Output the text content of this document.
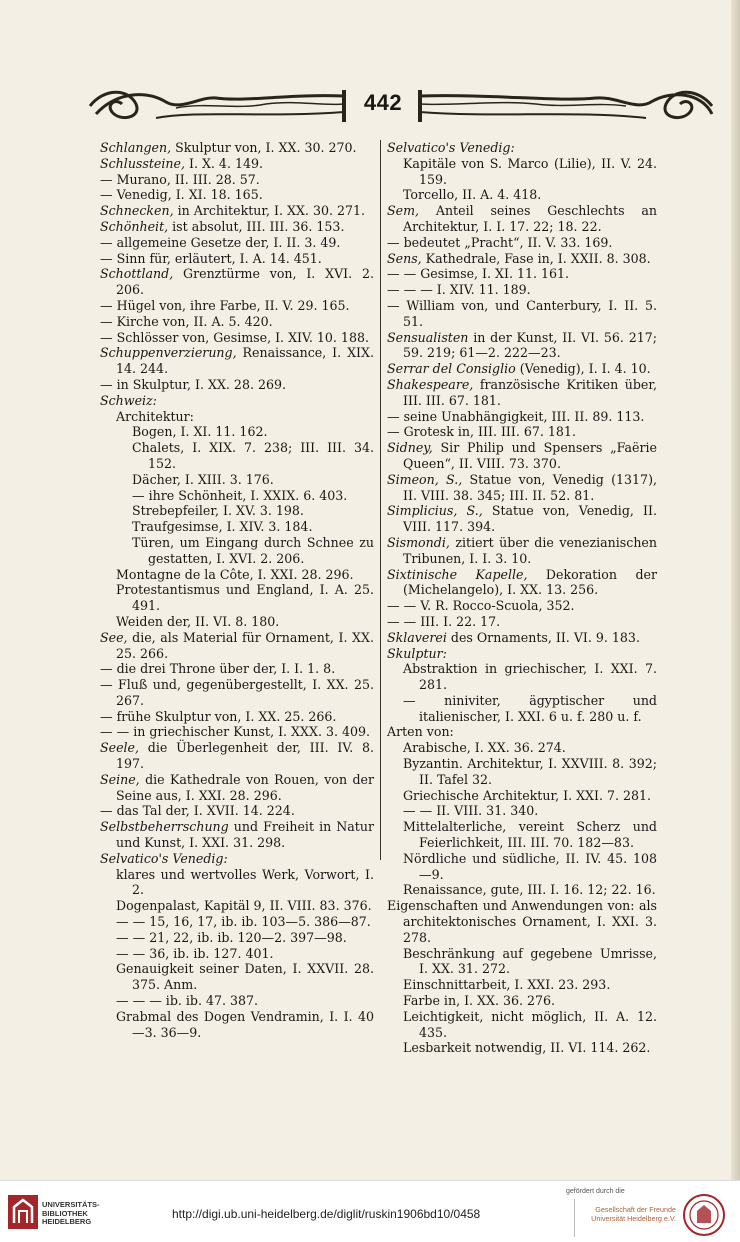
442
Schlangen, Skulptur von, I. XX. 30. 270.
Schlussteine, I. X. 4. 149.
— Murano, II. III. 28. 57.
— Venedig, I. XI. 18. 165.
Schnecken, in Architektur, I. XX. 30. 271.
Schönheit, ist absolut, III. III. 36. 153.
— allgemeine Gesetze der, I. II. 3. 49.
— Sinn für, erläutert, I. A. 14. 451.
Schottland, Grenztürme von, I. XVI. 2. 206.
— Hügel von, ihre Farbe, II. V. 29. 165.
— Kirche von, II. A. 5. 420.
— Schlösser von, Gesimse, I. XIV. 10. 188.
Schuppenverzierung, Renaissance, I. XIX. 14. 244.
— in Skulptur, I. XX. 28. 269.
Schweiz:
Architektur:
Bogen, I. XI. 11. 162.
Chalets, I. XIX. 7. 238; III. III. 34. 152.
Dächer, I. XIII. 3. 176.
— ihre Schönheit, I. XXIX. 6. 403.
Strebepfeiler, I. XV. 3. 198.
Traufgesimse, I. XIV. 3. 184.
Türen, um Eingang durch Schnee zu gestatten, I. XVI. 2. 206.
Montagne de la Côte, I. XXI. 28. 296.
Protestantismus und England, I. A. 25. 491.
Weiden der, II. VI. 8. 180.
See, die, als Material für Ornament, I. XX. 25. 266.
— die drei Throne über der, I. I. 1. 8.
— Fluß und, gegenübergestellt, I. XX. 25. 267.
— frühe Skulptur von, I. XX. 25. 266.
— — in griechischer Kunst, I. XXX. 3. 409.
Seele, die Überlegenheit der, III. IV. 8. 197.
Seine, die Kathedrale von Rouen, von der Seine aus, I. XXI. 28. 296.
— das Tal der, I. XVII. 14. 224.
Selbstbeherrschung und Freiheit in Natur und Kunst, I. XXI. 31. 298.
Selvatico's Venedig:
klares und wertvolles Werk, Vorwort, I. 2.
Dogenpalast, Kapitäl 9, II. VIII. 83. 376.
— — 15, 16, 17, ib. ib. 103—5. 386—87.
— — 21, 22, ib. ib. 120—2. 397—98.
— — 36, ib. ib. 127. 401.
Genauigkeit seiner Daten, I. XXVII. 28. 375. Anm.
— — — ib. ib. 47. 387.
Grabmal des Dogen Vendramin, I. I. 40—3. 36—9.
Selvatico's Venedig:
Kapitäle von S. Marco (Lilie), II. V. 24. 159.
Torcello, II. A. 4. 418.
Sem, Anteil seines Geschlechts an Architektur, I. I. 17. 22; 18. 22.
— bedeutet „Pracht“, II. V. 33. 169.
Sens, Kathedrale, Fase in, I. XXII. 8. 308.
— — Gesimse, I. XI. 11. 161.
— — — I. XIV. 11. 189.
— William von, und Canterbury, I. II. 5. 51.
Sensualisten in der Kunst, II. VI. 56. 217; 59. 219; 61—2. 222—23.
Serrar del Consiglio (Venedig), I. I. 4. 10.
Shakespeare, französische Kritiken über, III. III. 67. 181.
— seine Unabhängigkeit, III. II. 89. 113.
— Grotesk in, III. III. 67. 181.
Sidney, Sir Philip und Spensers „Faërie Queen“, II. VIII. 73. 370.
Simeon, S., Statue von, Venedig (1317), II. VIII. 38. 345; III. II. 52. 81.
Simplicius, S., Statue von, Venedig, II. VIII. 117. 394.
Sismondi, zitiert über die venezianischen Tribunen, I. I. 3. 10.
Sixtinische Kapelle, Dekoration der (Michelangelo), I. XX. 13. 256.
— — V. R. Rocco-Scuola, 352.
— — III. I. 22. 17.
Sklaverei des Ornaments, II. VI. 9. 183.
Skulptur:
Abstraktion in griechischer, I. XXI. 7. 281.
— niniviter, ägyptischer und italienischer, I. XXI. 6 u. f. 280 u. f.
Arten von:
Arabische, I. XX. 36. 274.
Byzantin. Architektur, I. XXVIII. 8. 392; II. Tafel 32.
Griechische Architektur, I. XXI. 7. 281.
— — II. VIII. 31. 340.
Mittelalterliche, vereint Scherz und Feierlichkeit, III. III. 70. 182—83.
Nördliche und südliche, II. IV. 45. 108—9.
Renaissance, gute, III. I. 16. 12; 22. 16.
Eigenschaften und Anwendungen von: als architektonisches Ornament, I. XXI. 3. 278.
Beschränkung auf gegebene Umrisse, I. XX. 31. 272.
Einschnittarbeit, I. XXI. 23. 293.
Farbe in, I. XX. 36. 276.
Leichtigkeit, nicht möglich, II. A. 12. 435.
Lesbarkeit notwendig, II. VI. 114. 262.
UNIVERSITÄTS-
BIBLIOTHEK
HEIDELBERG
http://digi.ub.uni-heidelberg.de/diglit/ruskin1906bd10/0458
gefördert durch die
Gesellschaft der Freunde
Universität Heidelberg e.V.
